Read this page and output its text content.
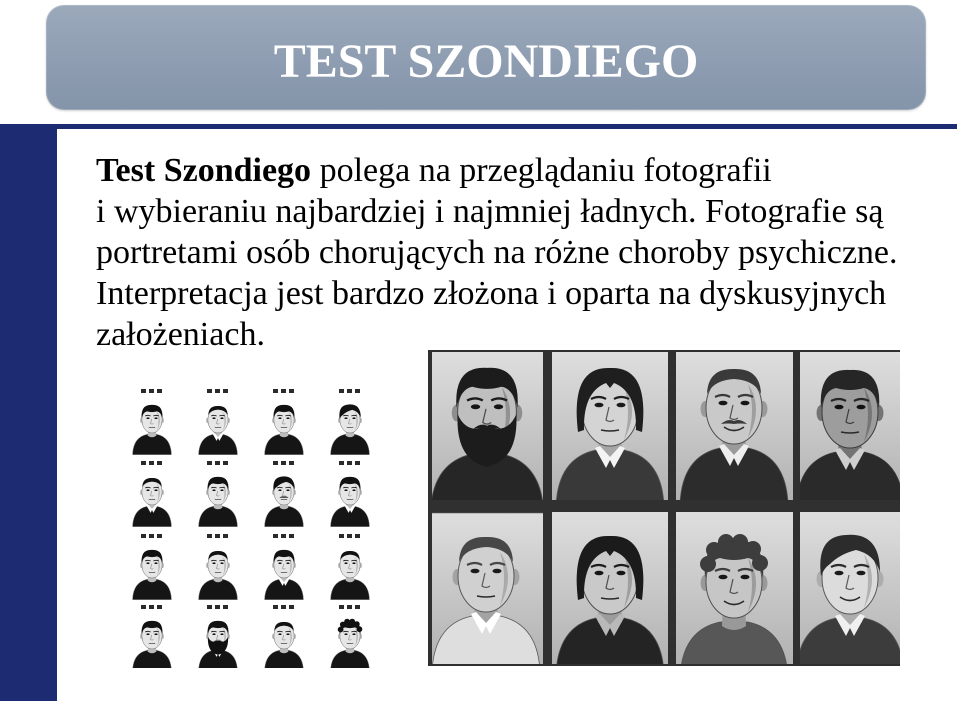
TEST SZONDIEGO
Test Szondiego polega na przeglądaniu fotografii
i wybieraniu najbardziej i najmniej ładnych. Fotografie są
portretami osób chorujących na różne choroby psychiczne.
Interpretacja jest bardzo złożona i oparta na dyskusyjnych
założeniach.
